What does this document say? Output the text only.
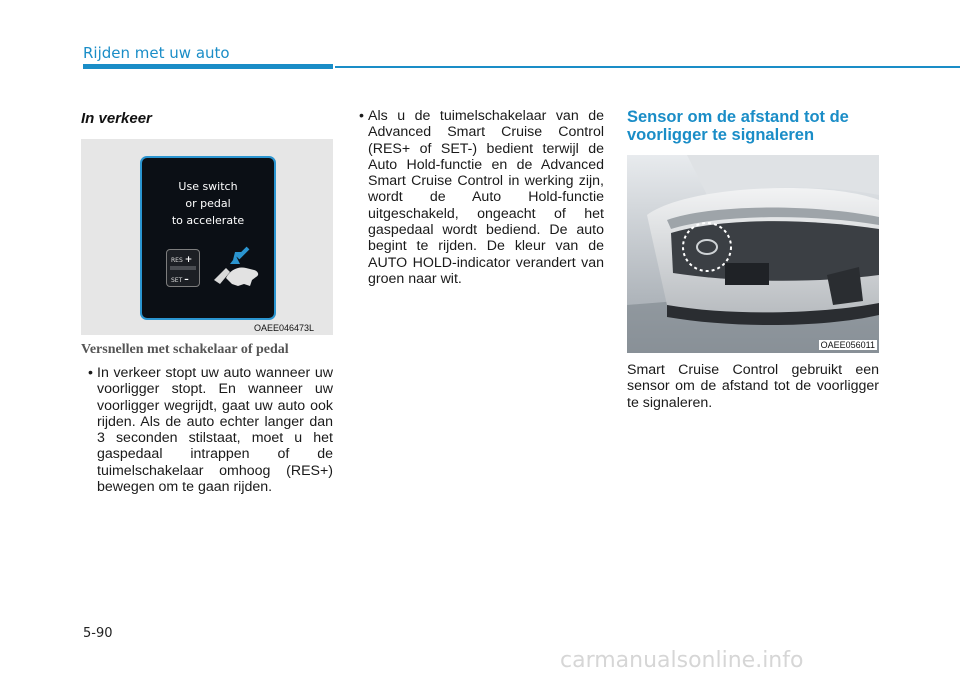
Rijden met uw auto
In verkeer
Use switch
or pedal
to accelerate
RES +
SET –
OAEE046473L
Versnellen met schakelaar of pedal
• In verkeer stopt uw auto wanneer uw voorligger stopt. En wanneer uw voorligger wegrijdt, gaat uw auto ook rijden. Als de auto echter langer dan 3 seconden stilstaat, moet u het gaspedaal intrappen of de tuimelschakelaar omhoog (RES+) bewegen om te gaan rijden.
• Als u de tuimelschakelaar van de Advanced Smart Cruise Control (RES+ of SET-) bedient terwijl de Auto Hold-functie en de Advanced Smart Cruise Control in werking zijn, wordt de Auto Hold-functie uitgeschakeld, ongeacht of het gaspedaal wordt bediend. De auto begint te rijden. De kleur van de AUTO HOLD-indicator verandert van groen naar wit.
Sensor om de afstand tot de
voorligger te signaleren
OAEE056011
Smart Cruise Control gebruikt een sensor om de afstand tot de voorligger te signaleren.
5-90
carmanualsonline.info
